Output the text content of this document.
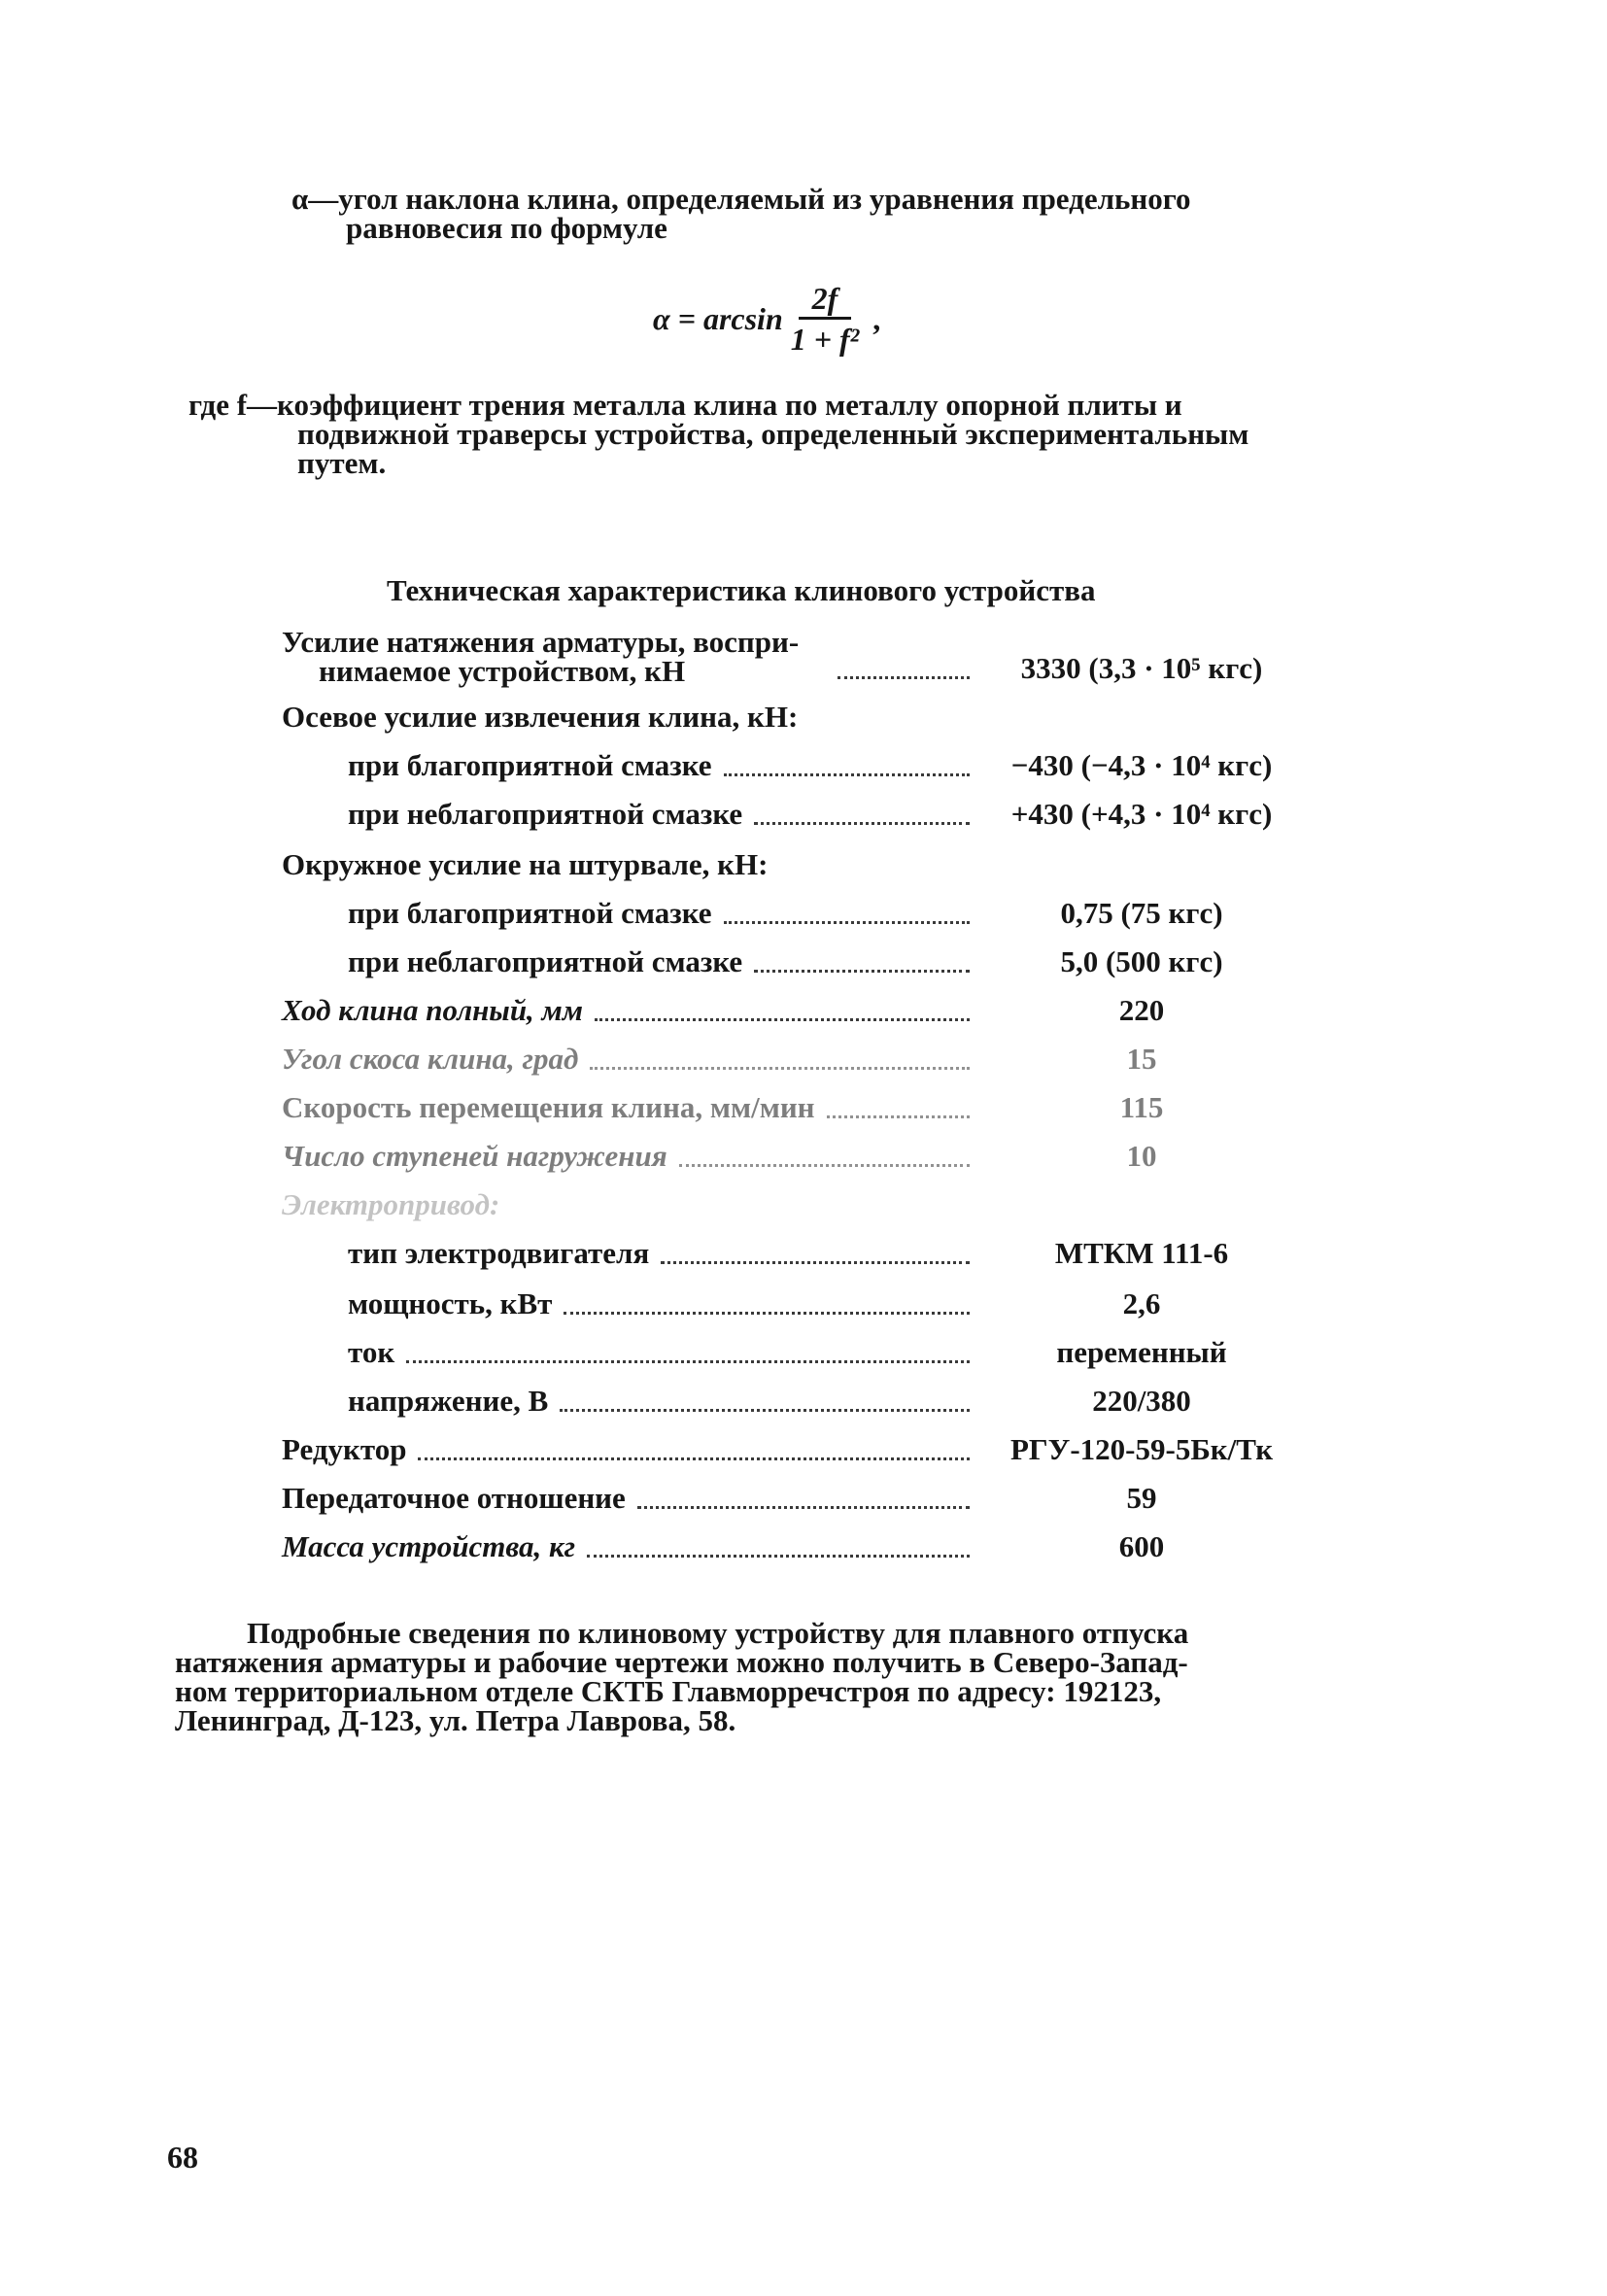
α—угол наклона клина, определяемый из уравнения предельного
равновесия по формуле
$\alpha = \arcsin \frac{2f}{\text{1 + f²}}$ ,
где f—коэффициент трения металла клина по металлу опорной плиты и
подвижной траверсы устройства, определенный экспериментальным
путем.
Техническая характеристика клинового устройства
Усилие натяжения арматуры, воспри-
нимаемое устройством, кН	3330 (3,3 · 10⁵ кгс)
Осевое усилие извлечения клина, кН:
при благоприятной смазке	−430 (−4,3 · 10⁴ кгс)
при неблагоприятной смазке	+430 (+4,3 · 10⁴ кгс)
Окружное усилие на штурвале, кН:
при благоприятной смазке	0,75 (75 кгс)
при неблагоприятной смазке	5,0 (500 кгс)
Ход клина полный, мм	220
Угол скоса клина, град	15
Скорость перемещения клина, мм/мин	115
Число ступеней нагружения	10
Электропривод:
тип электродвигателя	МТКМ 111-6
мощность, кВт	2,6
ток	переменный
напряжение, В	220/380
Редуктор	РГУ-120-59-5Бк/Тк
Передаточное отношение	59
Масса устройства, кг	600
Подробные сведения по клиновому устройству для плавного отпуска
натяжения арматуры и рабочие чертежи можно получить в Северо-Запад-
ном территориальном отделе СКТБ Главморречстроя по адресу: 192123,
Ленинград, Д-123, ул. Петра Лаврова, 58.
68
